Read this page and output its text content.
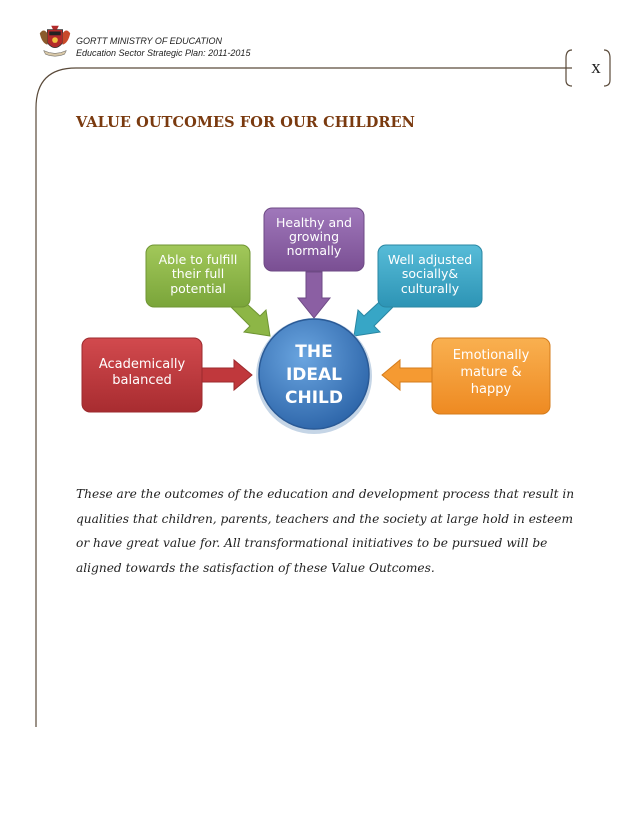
GORTT MINISTRY OF EDUCATION
Education Sector Strategic Plan: 2011-2015
x
VALUE OUTCOMES FOR OUR CHILDREN
Healthy and
growing
normally
Able to fulfill
their full
potential
Well adjusted
socially&
culturally
Academically
balanced
Emotionally
mature &
happy
THE
IDEAL
CHILD
These are the outcomes of the education and development process that result in
qualities that children, parents, teachers and the society at large hold in esteem
or have great value for. All transformational initiatives to be pursued will be
aligned towards the satisfaction of these Value Outcomes.
